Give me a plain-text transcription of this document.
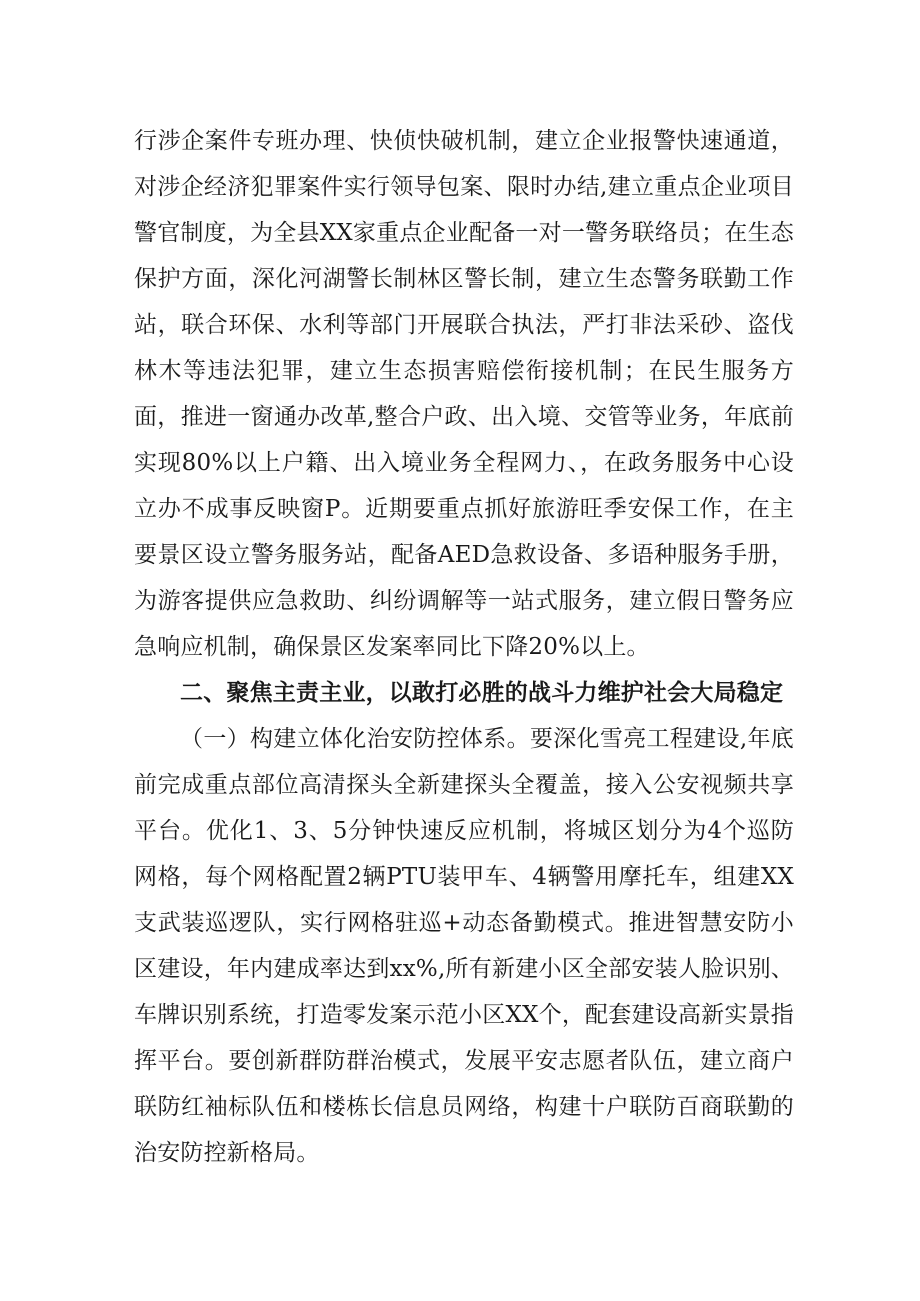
行涉企案件专班办理、快侦快破机制，建立企业报警快速通道，对涉企经济犯罪案件实行领导包案、限时办结,建立重点企业项目警官制度，为全县XX家重点企业配备一对一警务联络员；在生态保护方面，深化河湖警长制林区警长制，建立生态警务联勤工作站，联合环保、水利等部门开展联合执法，严打非法采砂、盗伐林木等违法犯罪，建立生态损害赔偿衔接机制；在民生服务方面，推进一窗通办改革,整合户政、出入境、交管等业务，年底前实现80%以上户籍、出入境业务全程网力、，在政务服务中心设立办不成事反映窗P。近期要重点抓好旅游旺季安保工作，在主要景区设立警务服务站，配备AED急救设备、多语种服务手册，为游客提供应急救助、纠纷调解等一站式服务，建立假日警务应急响应机制，确保景区发案率同比下降20%以上。

二、聚焦主责主业，以敢打必胜的战斗力维护社会大局稳定

（一）构建立体化治安防控体系。要深化雪亮工程建设,年底前完成重点部位高清探头全新建探头全覆盖，接入公安视频共享平台。优化1、3、5分钟快速反应机制，将城区划分为4个巡防网格，每个网格配置2辆PTU装甲车、4辆警用摩托车，组建XX支武装巡逻队，实行网格驻巡+动态备勤模式。推进智慧安防小区建设，年内建成率达到xx%,所有新建小区全部安装人脸识别、车牌识别系统，打造零发案示范小区XX个，配套建设高新实景指挥平台。要创新群防群治模式，发展平安志愿者队伍，建立商户联防红袖标队伍和楼栋长信息员网络，构建十户联防百商联勤的治安防控新格局。
